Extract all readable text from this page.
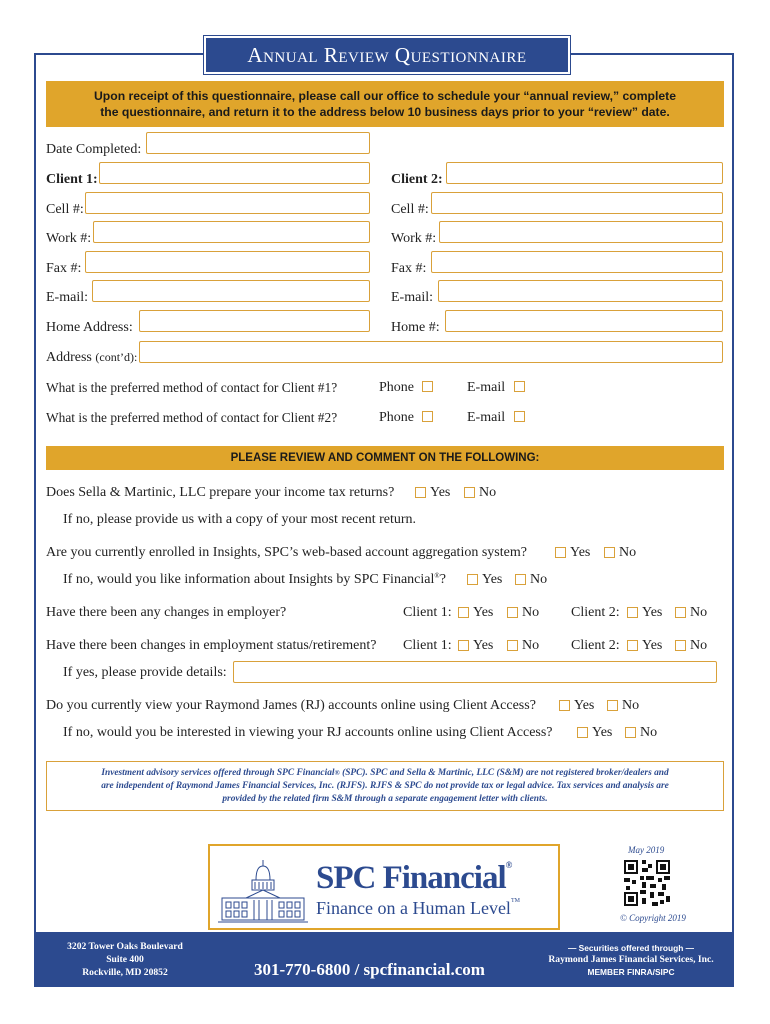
Annual Review Questionnaire
Upon receipt of this questionnaire, please call our office to schedule your “annual review,” complete
the questionnaire, and return it to the address below 10 business days prior to your “review” date.
Date Completed:
Client 1:	Client 2:
Cell #:	Cell #:
Work #:	Work #:
Fax #:	Fax #:
E-mail:	E-mail:
Home Address:	Home #:
Address (cont’d):
What is the preferred method of contact for Client #1?	Phone	E-mail
What is the preferred method of contact for Client #2?	Phone	E-mail
PLEASE REVIEW AND COMMENT ON THE FOLLOWING:
Does Sella & Martinic, LLC prepare your income tax returns?	Yes No
If no, please provide us with a copy of your most recent return.
Are you currently enrolled in Insights, SPC’s web-based account aggregation system?	Yes No
If no, would you like information about Insights by SPC Financial®?	Yes No
Have there been any changes in employer?	Client 1: Yes No Client 2: Yes No
Have there been changes in employment status/retirement? Client 1: Yes No Client 2: Yes No
If yes, please provide details:
Do you currently view your Raymond James (RJ) accounts online using Client Access?	Yes No
If no, would you be interested in viewing your RJ accounts online using Client Access?	Yes No
Investment advisory services offered through SPC Financial® (SPC). SPC and Sella & Martinic, LLC (S&M) are not registered broker/dealers and
are independent of Raymond James Financial Services, Inc. (RJFS). RJFS & SPC do not provide tax or legal advice. Tax services and analysis are
provided by the related firm S&M through a separate engagement letter with clients.
SPC Financial®
Finance on a Human Level™
May 2019
© Copyright 2019
3202 Tower Oaks Boulevard
Suite 400
Rockville, MD 20852	301-770-6800 / spcfinancial.com
— Securities offered through —
Raymond James Financial Services, Inc.
MEMBER FINRA/SIPC
